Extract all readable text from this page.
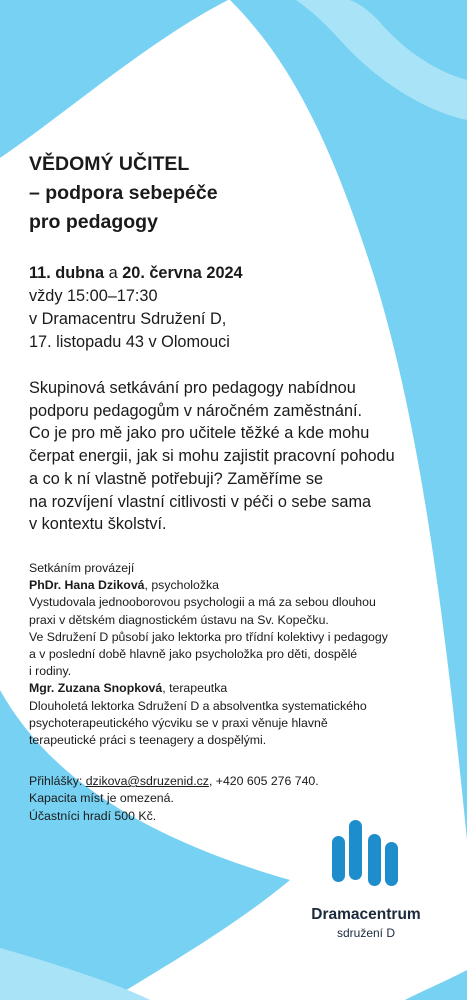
VĚDOMÝ UČITEL
– podpora sebepéče
pro pedagogy
11. dubna a 20. června 2024
vždy 15:00–17:30
v Dramacentru Sdružení D,
17. listopadu 43 v Olomouci
Skupinová setkávání pro pedagogy nabídnou
podporu pedagogům v náročném zaměstnání.
Co je pro mě jako pro učitele těžké a kde mohu
čerpat energii, jak si mohu zajistit pracovní pohodu
a co k ní vlastně potřebuji? Zaměříme se
na rozvíjení vlastní citlivosti v péči o sebe sama
v kontextu školství.
Setkáním provázejí
PhDr. Hana Dziková, psycholožka
Vystudovala jednooborovou psychologii a má za sebou dlouhou
praxi v dětském diagnostickém ústavu na Sv. Kopečku.
Ve Sdružení D působí jako lektorka pro třídní kolektivy i pedagogy
a v poslední době hlavně jako psycholožka pro děti, dospělé
i rodiny.
Mgr. Zuzana Snopková, terapeutka
Dlouholetá lektorka Sdružení D a absolventka systematického
psychoterapeutického výcviku se v praxi věnuje hlavně
terapeutické práci s teenagery a dospělými.
Přihlášky: dzikova@sdruzenid.cz, +420 605 276 740.
Kapacita míst je omezená.
Účastníci hradí 500 Kč.
Dramacentrum
sdružení D
